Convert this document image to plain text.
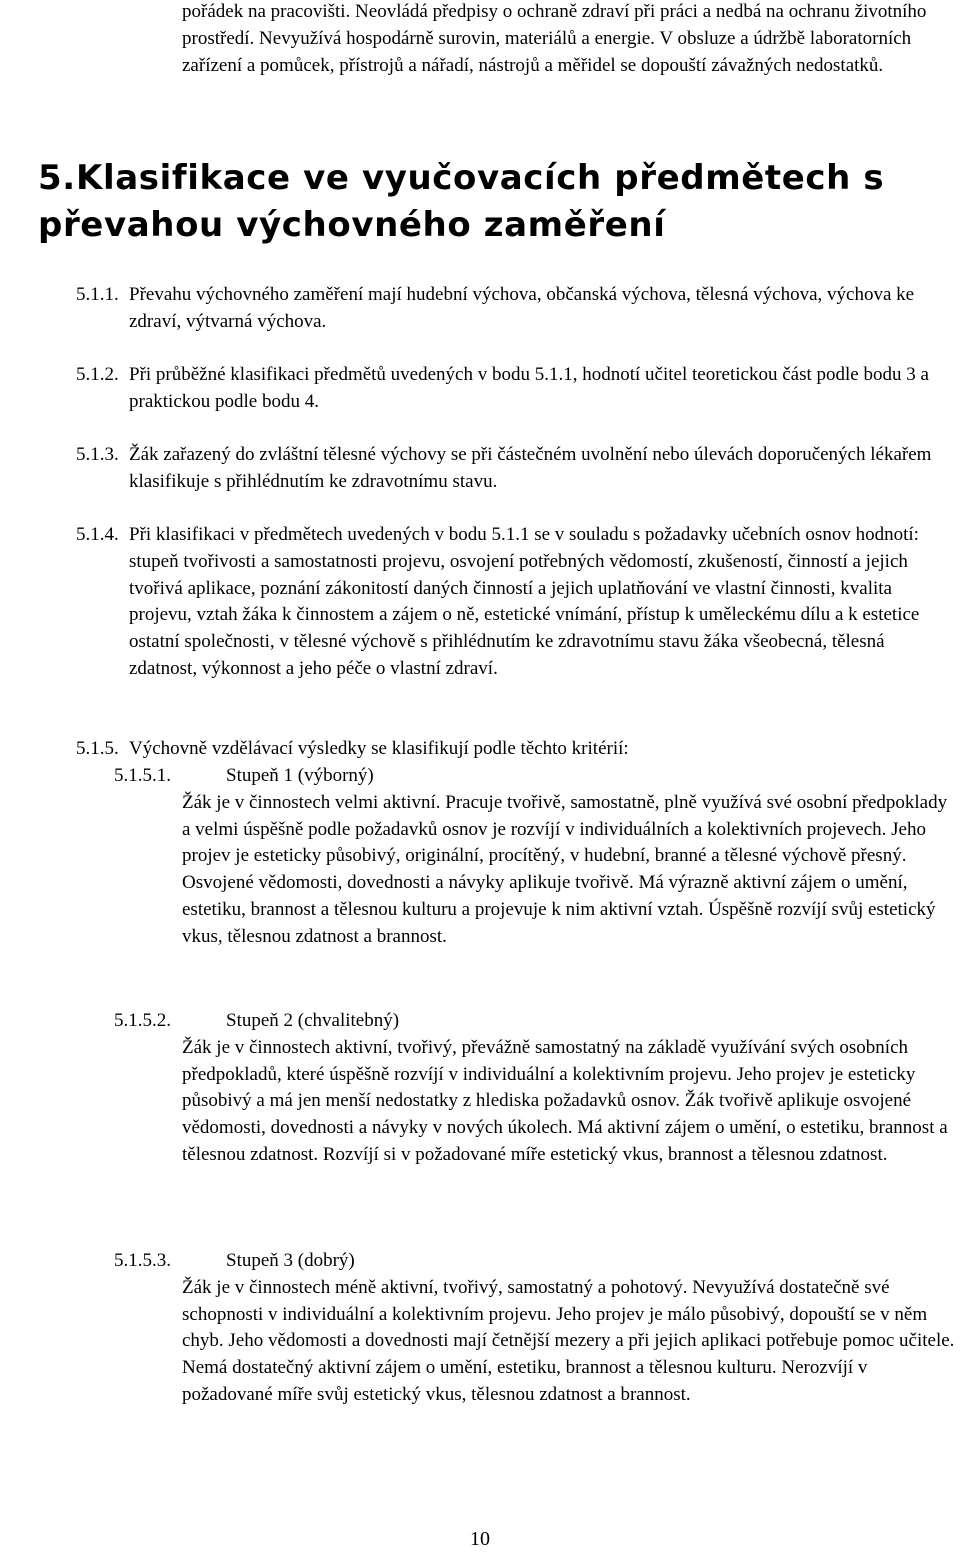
pořádek na pracovišti. Neovládá předpisy o ochraně zdraví při práci a nedbá na ochranu životního prostředí. Nevyužívá hospodárně surovin, materiálů a energie. V obsluze a údržbě laboratorních zařízení a pomůcek, přístrojů a nářadí, nástrojů a měřidel se dopouští závažných nedostatků.

5.Klasifikace ve vyučovacích předmětech s převahou výchovného zaměření
5.1.1. Převahu výchovného zaměření mají hudební výchova, občanská výchova, tělesná výchova, výchova ke zdraví, výtvarná výchova.
5.1.2. Při průběžné klasifikaci předmětů uvedených v bodu 5.1.1, hodnotí učitel teoretickou část podle bodu 3 a praktickou podle bodu 4.
5.1.3. Žák zařazený do zvláštní tělesné výchovy se při částečném uvolnění nebo úlevách doporučených lékařem klasifikuje s přihlédnutím ke zdravotnímu stavu.
5.1.4. Při klasifikaci v předmětech uvedených v bodu 5.1.1 se v souladu s požadavky učebních osnov hodnotí: stupeň tvořivosti a samostatnosti projevu, osvojení potřebných vědomostí, zkušeností, činností a jejich tvořivá aplikace, poznání zákonitostí daných činností a jejich uplatňování ve vlastní činnosti, kvalita projevu, vztah žáka k činnostem a zájem o ně, estetické vnímání, přístup k uměleckému dílu a k estetice ostatní společnosti, v tělesné výchově s přihlédnutím ke zdravotnímu stavu žáka všeobecná, tělesná zdatnost, výkonnost a jeho péče o vlastní zdraví.
5.1.5. Výchovně vzdělávací výsledky se klasifikují podle těchto kritérií:
5.1.5.1.	Stupeň 1 (výborný)
Žák je v činnostech velmi aktivní. Pracuje tvořivě, samostatně, plně využívá své osobní předpoklady a velmi úspěšně podle požadavků osnov je rozvíjí v individuálních a kolektivních projevech. Jeho projev je esteticky působivý, originální, procítěný, v hudební, branné a tělesné výchově přesný. Osvojené vědomosti, dovednosti a návyky aplikuje tvořivě. Má výrazně aktivní zájem o umění, estetiku, brannost a tělesnou kulturu a projevuje k nim aktivní vztah. Úspěšně rozvíjí svůj estetický vkus, tělesnou zdatnost a brannost.
5.1.5.2.	Stupeň 2 (chvalitebný)
Žák je v činnostech aktivní, tvořivý, převážně samostatný na základě využívání svých osobních předpokladů, které úspěšně rozvíjí v individuální a kolektivním projevu. Jeho projev je esteticky působivý a má jen menší nedostatky z hlediska požadavků osnov. Žák tvořivě aplikuje osvojené vědomosti, dovednosti a návyky v nových úkolech. Má aktivní zájem o umění, o estetiku, brannost a tělesnou zdatnost. Rozvíjí si v požadované míře estetický vkus, brannost a tělesnou zdatnost.
5.1.5.3.	Stupeň 3 (dobrý)
Žák je v činnostech méně aktivní, tvořivý, samostatný a pohotový. Nevyužívá dostatečně své schopnosti v individuální a kolektivním projevu. Jeho projev je málo působivý, dopouští se v něm chyb. Jeho vědomosti a dovednosti mají četnější mezery a při jejich aplikaci potřebuje pomoc učitele. Nemá dostatečný aktivní zájem o umění, estetiku, brannost a tělesnou kulturu. Nerozvíjí v požadované míře svůj estetický vkus, tělesnou zdatnost a brannost.
10
